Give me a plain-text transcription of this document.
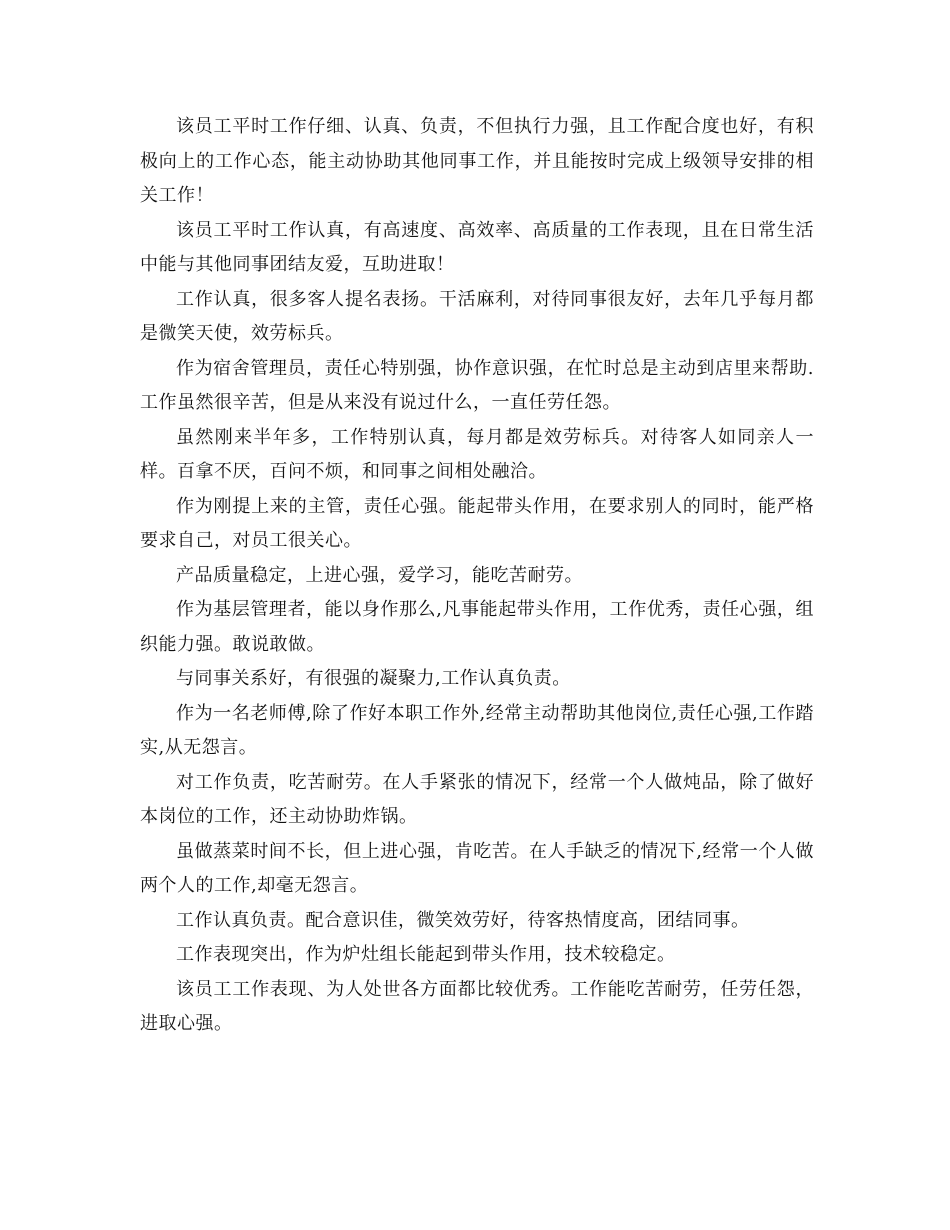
该员工平时工作仔细、认真、负责，不但执行力强，且工作配合度也好，有积极向上的工作心态，能主动协助其他同事工作，并且能按时完成上级领导安排的相关工作！

该员工平时工作认真，有高速度、高效率、高质量的工作表现，且在日常生活中能与其他同事团结友爱，互助进取！

工作认真，很多客人提名表扬。干活麻利，对待同事很友好，去年几乎每月都是微笑天使，效劳标兵。

作为宿舍管理员，责任心特别强，协作意识强，在忙时总是主动到店里来帮助.工作虽然很辛苦，但是从来没有说过什么，一直任劳任怨。

虽然刚来半年多，工作特别认真，每月都是效劳标兵。对待客人如同亲人一样。百拿不厌，百问不烦，和同事之间相处融洽。

作为刚提上来的主管，责任心强。能起带头作用，在要求别人的同时，能严格要求自己，对员工很关心。

产品质量稳定，上进心强，爱学习，能吃苦耐劳。

作为基层管理者，能以身作那么,凡事能起带头作用，工作优秀，责任心强，组织能力强。敢说敢做。

与同事关系好，有很强的凝聚力,工作认真负责。

作为一名老师傅,除了作好本职工作外,经常主动帮助其他岗位,责任心强,工作踏实,从无怨言。

对工作负责，吃苦耐劳。在人手紧张的情况下，经常一个人做炖品，除了做好本岗位的工作，还主动协助炸锅。

虽做蒸菜时间不长，但上进心强，肯吃苦。在人手缺乏的情况下,经常一个人做两个人的工作,却毫无怨言。

工作认真负责。配合意识佳，微笑效劳好，待客热情度高，团结同事。

工作表现突出，作为炉灶组长能起到带头作用，技术较稳定。

该员工工作表现、为人处世各方面都比较优秀。工作能吃苦耐劳，任劳任怨，进取心强。
